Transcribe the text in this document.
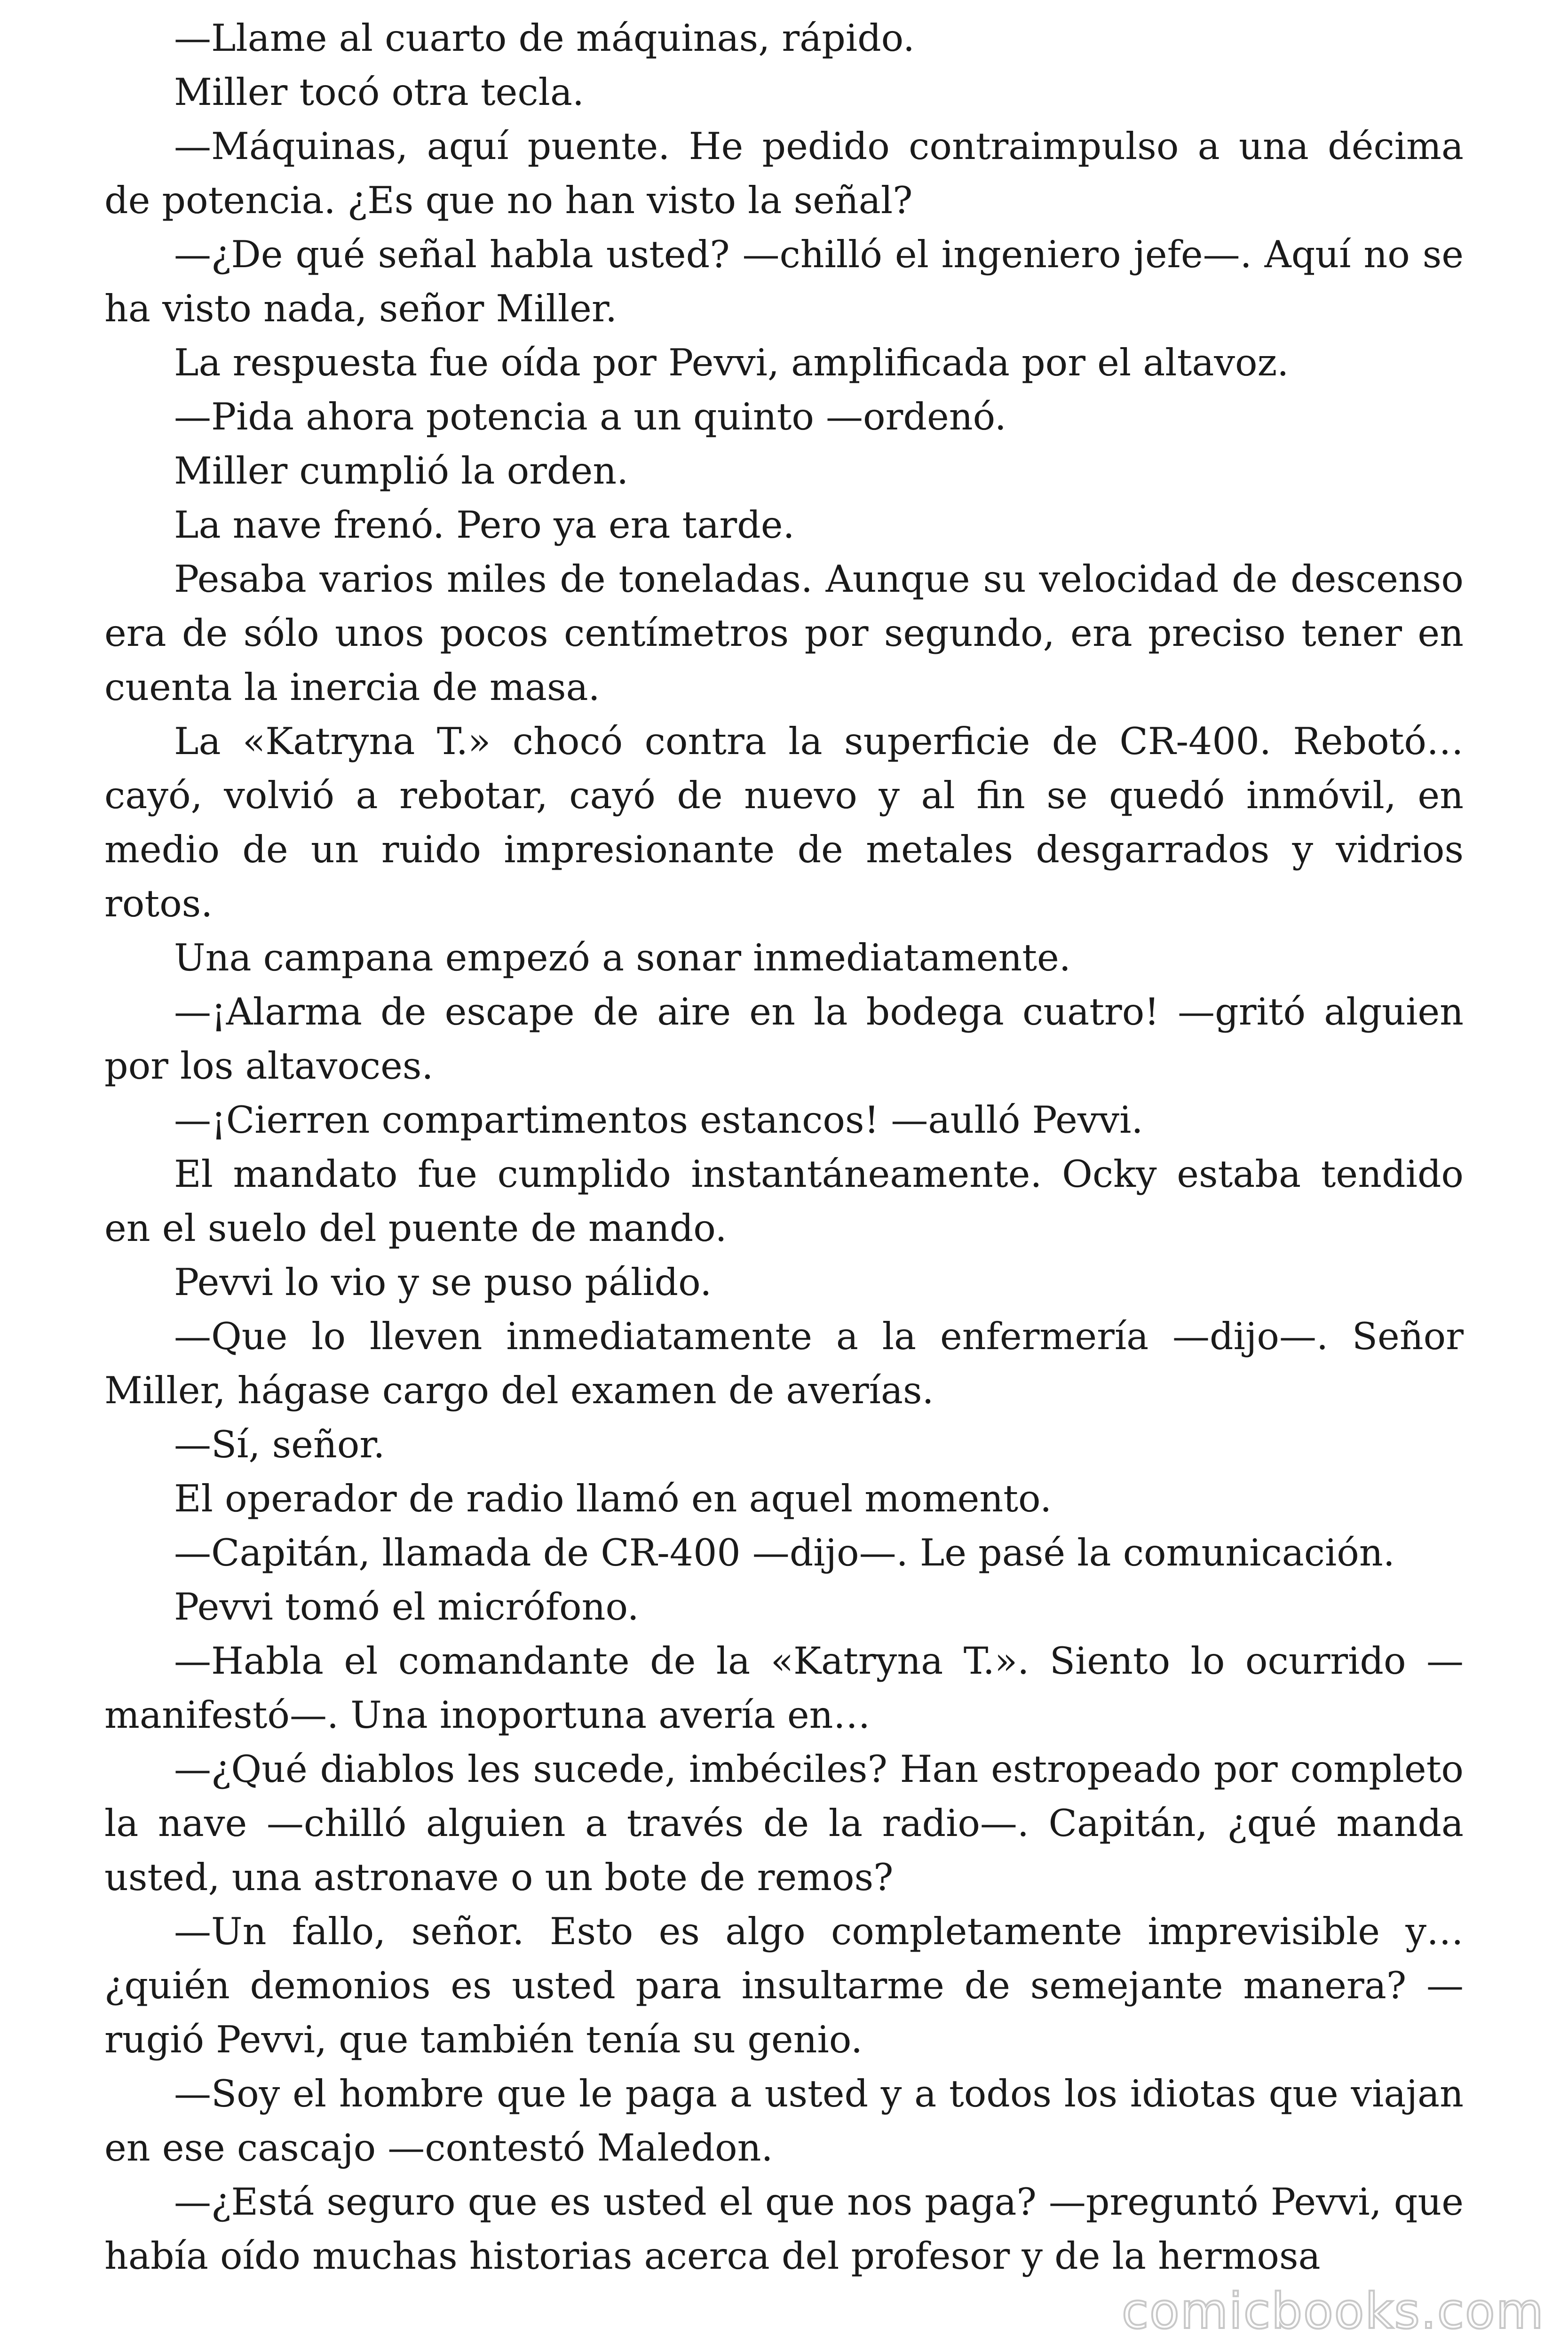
—Llame al cuarto de máquinas, rápido.

Miller tocó otra tecla.

—Máquinas, aquí puente. He pedido contraimpulso a una décima de potencia. ¿Es que no han visto la señal?

—¿De qué señal habla usted? —chilló el ingeniero jefe—. Aquí no se ha visto nada, señor Miller.

La respuesta fue oída por Pevvi, amplificada por el altavoz.

—Pida ahora potencia a un quinto —ordenó.

Miller cumplió la orden.

La nave frenó. Pero ya era tarde.

Pesaba varios miles de toneladas. Aunque su velocidad de descenso era de sólo unos pocos centímetros por segundo, era preciso tener en cuenta la inercia de masa.

La «Katryna T.» chocó contra la superficie de CR-400. Rebotó… cayó, volvió a rebotar, cayó de nuevo y al fin se quedó inmóvil, en medio de un ruido impresionante de metales desgarrados y vidrios rotos.

Una campana empezó a sonar inmediatamente.

—¡Alarma de escape de aire en la bodega cuatro! —gritó alguien por los altavoces.

—¡Cierren compartimentos estancos! —aulló Pevvi.

El mandato fue cumplido instantáneamente. Ocky estaba tendido en el suelo del puente de mando.

Pevvi lo vio y se puso pálido.

—Que lo lleven inmediatamente a la enfermería —dijo—. Señor Miller, hágase cargo del examen de averías.

—Sí, señor.

El operador de radio llamó en aquel momento.

—Capitán, llamada de CR-400 —dijo—. Le pasé la comunicación.

Pevvi tomó el micrófono.

—Habla el comandante de la «Katryna T.». Siento lo ocurrido —manifestó—. Una inoportuna avería en…

—¿Qué diablos les sucede, imbéciles? Han estropeado por completo la nave —chilló alguien a través de la radio—. Capitán, ¿qué manda usted, una astronave o un bote de remos?

—Un fallo, señor. Esto es algo completamente imprevisible y… ¿quién demonios es usted para insultarme de semejante manera? —rugió Pevvi, que también tenía su genio.

—Soy el hombre que le paga a usted y a todos los idiotas que viajan en ese cascajo —contestó Maledon.

—¿Está seguro que es usted el que nos paga? —preguntó Pevvi, que había oído muchas historias acerca del profesor y de la hermosa

comicbooks.com
